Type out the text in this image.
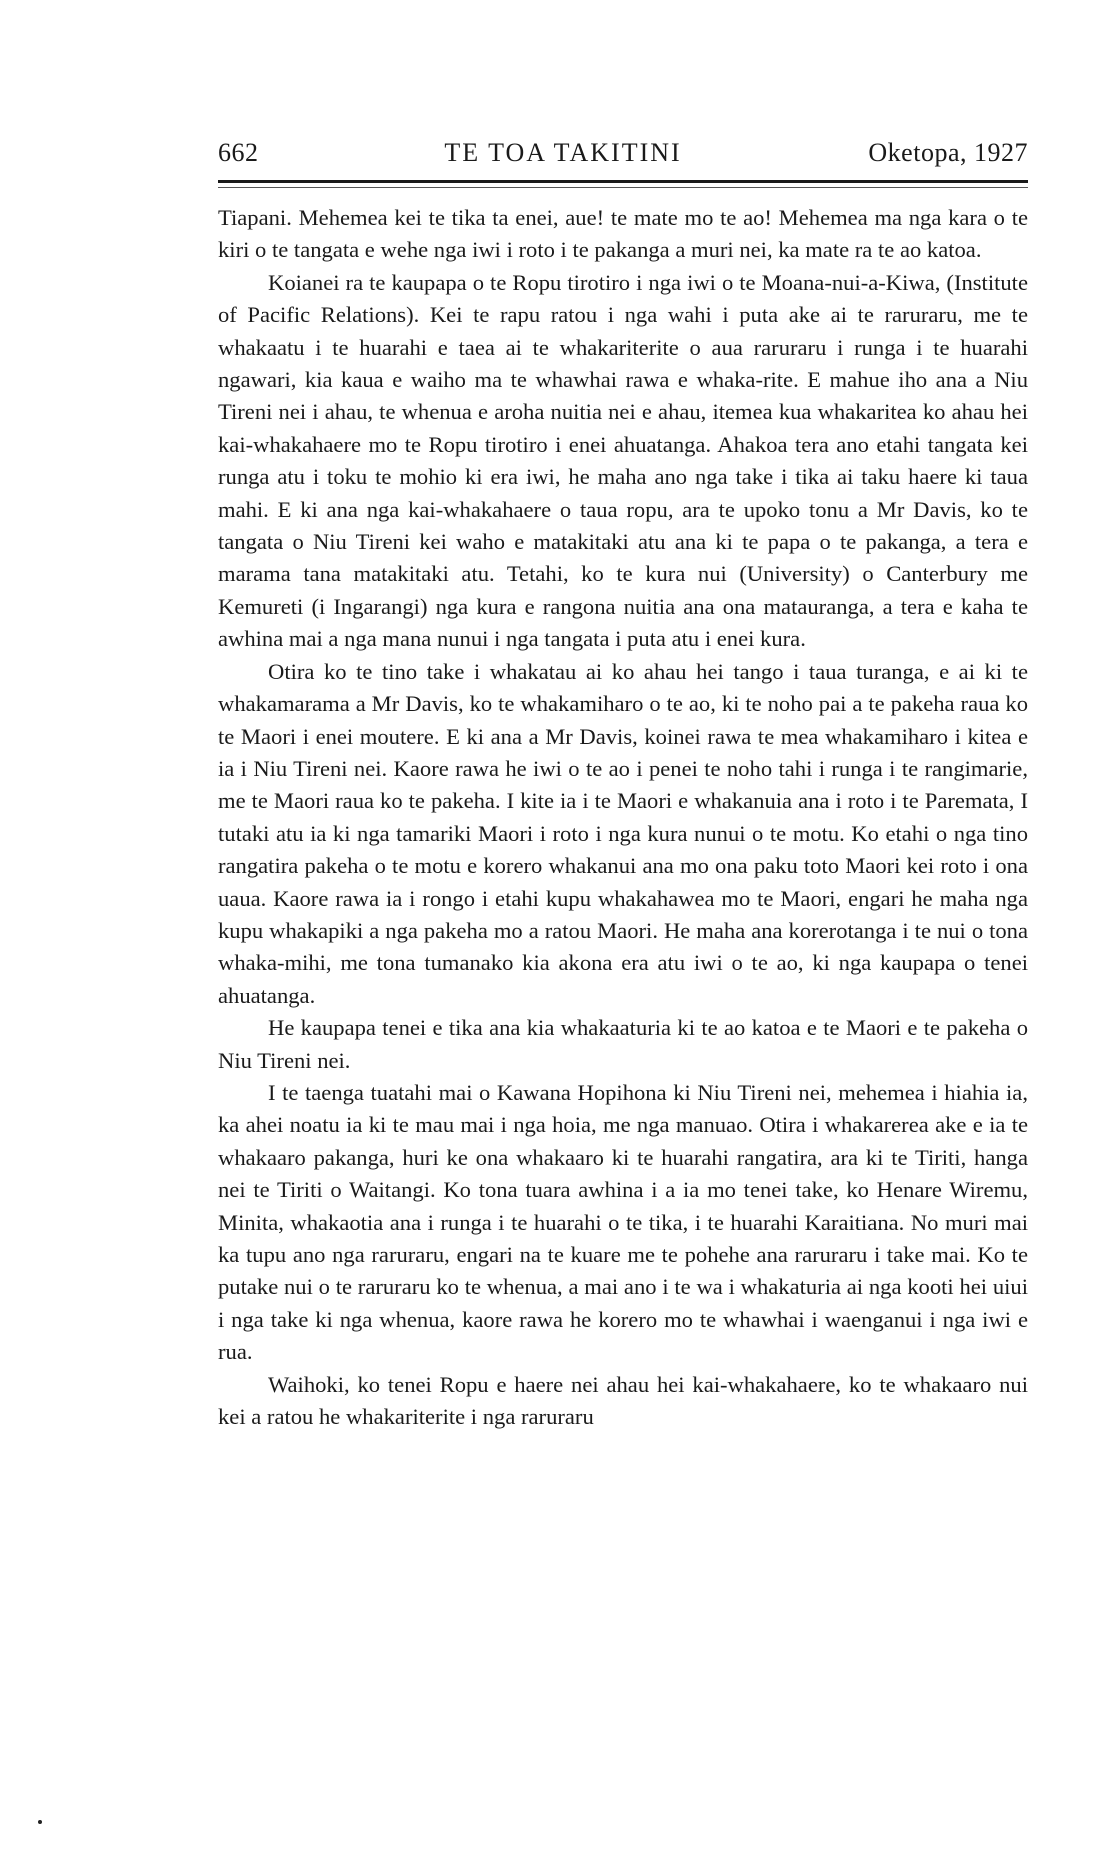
662	TE TOA TAKITINI	Oketopa, 1927

Tiapani. Mehemea kei te tika ta enei, aue! te mate mo te ao! Mehemea ma nga kara o te kiri o te tangata e wehe nga iwi i roto i te pakanga a muri nei, ka mate ra te ao katoa.

Koianei ra te kaupapa o te Ropu tirotiro i nga iwi o te Moana-nui-a-Kiwa, (Institute of Pacific Relations). Kei te rapu ratou i nga wahi i puta ake ai te raruraru, me te whakaatu i te huarahi e taea ai te whakariterite o aua raruraru i runga i te huarahi ngawari, kia kaua e waiho ma te whawhai rawa e whaka-rite. E mahue iho ana a Niu Tireni nei i ahau, te whenua e aroha nuitia nei e ahau, itemea kua whakaritea ko ahau hei kai-whakahaere mo te Ropu tirotiro i enei ahuatanga. Ahakoa tera ano etahi tangata kei runga atu i toku te mohio ki era iwi, he maha ano nga take i tika ai taku haere ki taua mahi. E ki ana nga kai-whakahaere o taua ropu, ara te upoko tonu a Mr Davis, ko te tangata o Niu Tireni kei waho e matakitaki atu ana ki te papa o te pakanga, a tera e marama tana matakitaki atu. Tetahi, ko te kura nui (University) o Canterbury me Kemureti (i Ingarangi) nga kura e rangona nuitia ana ona matauranga, a tera e kaha te awhina mai a nga mana nunui i nga tangata i puta atu i enei kura.

Otira ko te tino take i whakatau ai ko ahau hei tango i taua turanga, e ai ki te whakamarama a Mr Davis, ko te whakamiharo o te ao, ki te noho pai a te pakeha raua ko te Maori i enei moutere. E ki ana a Mr Davis, koinei rawa te mea whakamiharo i kitea e ia i Niu Tireni nei. Kaore rawa he iwi o te ao i penei te noho tahi i runga i te rangimarie, me te Maori raua ko te pakeha. I kite ia i te Maori e whakanuia ana i roto i te Paremata, I tutaki atu ia ki nga tamariki Maori i roto i nga kura nunui o te motu. Ko etahi o nga tino rangatira pakeha o te motu e korero whakanui ana mo ona paku toto Maori kei roto i ona uaua. Kaore rawa ia i rongo i etahi kupu whakahawea mo te Maori, engari he maha nga kupu whakapiki a nga pakeha mo a ratou Maori. He maha ana korerotanga i te nui o tona whaka-mihi, me tona tumanako kia akona era atu iwi o te ao, ki nga kaupapa o tenei ahuatanga.

He kaupapa tenei e tika ana kia whakaaturia ki te ao katoa e te Maori e te pakeha o Niu Tireni nei.

I te taenga tuatahi mai o Kawana Hopihona ki Niu Tireni nei, mehemea i hiahia ia, ka ahei noatu ia ki te mau mai i nga hoia, me nga manuao. Otira i whakarerea ake e ia te whakaaro pakanga, huri ke ona whakaaro ki te huarahi rangatira, ara ki te Tiriti, hanga nei te Tiriti o Waitangi. Ko tona tuara awhina i a ia mo tenei take, ko Henare Wiremu, Minita, whakaotia ana i runga i te huarahi o te tika, i te huarahi Karaitiana. No muri mai ka tupu ano nga raruraru, engari na te kuare me te pohehe ana raruraru i take mai. Ko te putake nui o te raruraru ko te whenua, a mai ano i te wa i whakaturia ai nga kooti hei uiui i nga take ki nga whenua, kaore rawa he korero mo te whawhai i waenganui i nga iwi e rua.

Waihoki, ko tenei Ropu e haere nei ahau hei kai-whakahaere, ko te whakaaro nui kei a ratou he whakariterite i nga raruraru
